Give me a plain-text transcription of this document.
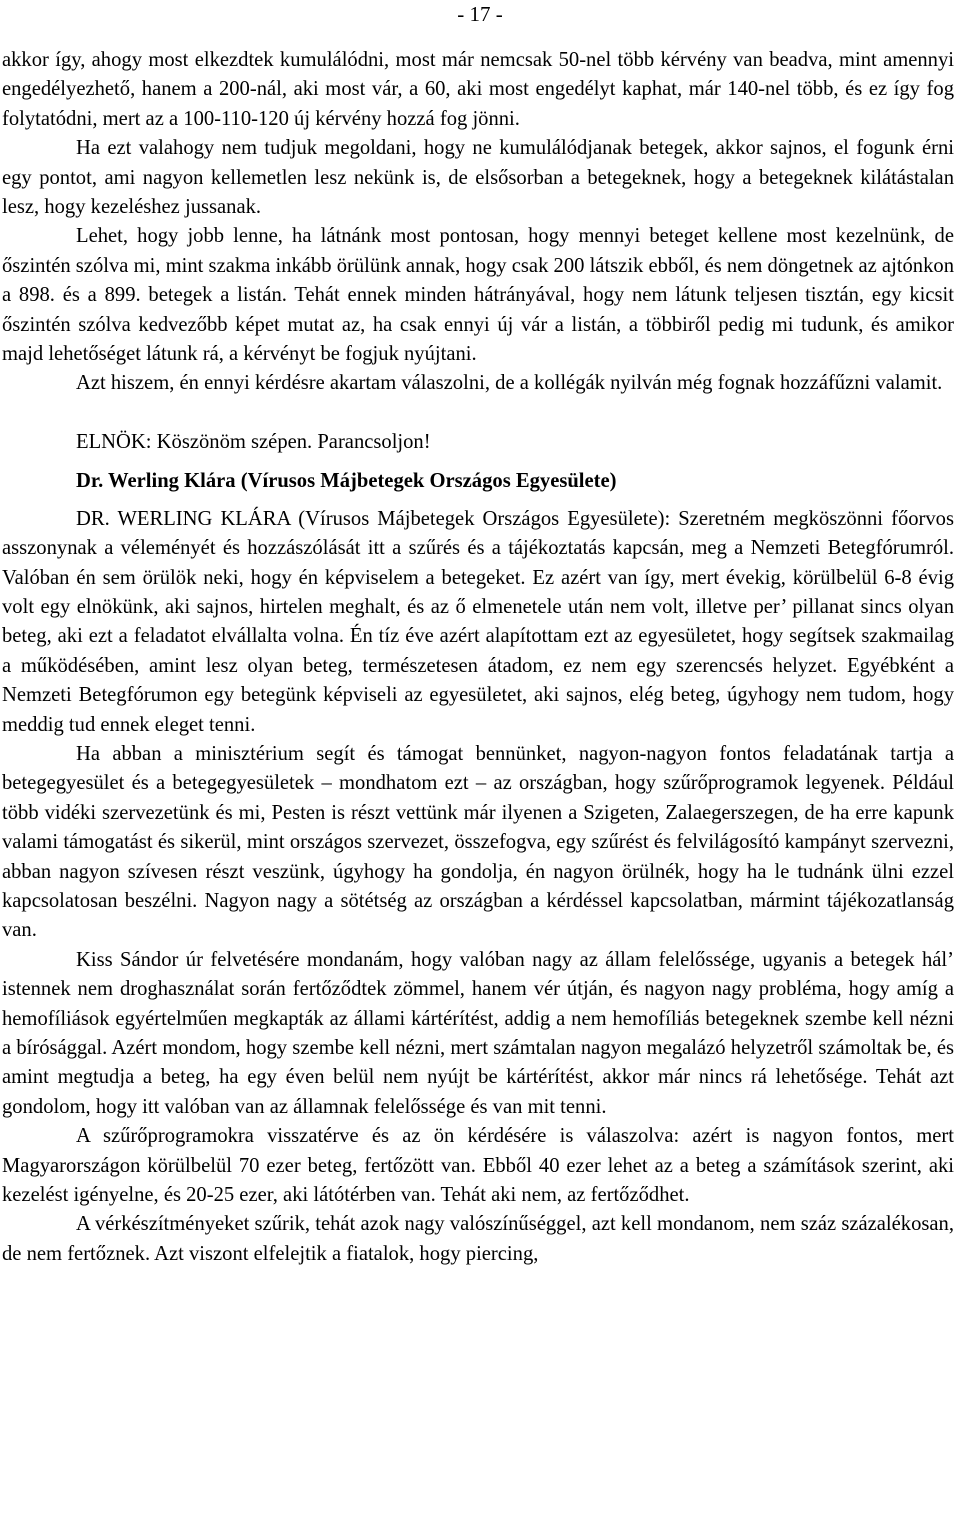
- 17 -

akkor így, ahogy most elkezdtek kumulálódni, most már nemcsak 50-nel több kérvény van beadva, mint amennyi engedélyezhető, hanem a 200-nál, aki most vár, a 60, aki most engedélyt kaphat, már 140-nel több, és ez így fog folytatódni, mert az a 100-110-120 új kérvény hozzá fog jönni.

Ha ezt valahogy nem tudjuk megoldani, hogy ne kumulálódjanak betegek, akkor sajnos, el fogunk érni egy pontot, ami nagyon kellemetlen lesz nekünk is, de elsősorban a betegeknek, hogy a betegeknek kilátástalan lesz, hogy kezeléshez jussanak.

Lehet, hogy jobb lenne, ha látnánk most pontosan, hogy mennyi beteget kellene most kezelnünk, de őszintén szólva mi, mint szakma inkább örülünk annak, hogy csak 200 látszik ebből, és nem döngetnek az ajtónkon a 898. és a 899. betegek a listán. Tehát ennek minden hátrányával, hogy nem látunk teljesen tisztán, egy kicsit őszintén szólva kedvezőbb képet mutat az, ha csak ennyi új vár a listán, a többiről pedig mi tudunk, és amikor majd lehetőséget látunk rá, a kérvényt be fogjuk nyújtani.

Azt hiszem, én ennyi kérdésre akartam válaszolni, de a kollégák nyilván még fognak hozzáfűzni valamit.

ELNÖK: Köszönöm szépen. Parancsoljon!

Dr. Werling Klára (Vírusos Májbetegek Országos Egyesülete)

DR. WERLING KLÁRA (Vírusos Májbetegek Országos Egyesülete): Szeretném megköszönni főorvos asszonynak a véleményét és hozzászólását itt a szűrés és a tájékoztatás kapcsán, meg a Nemzeti Betegfórumról. Valóban én sem örülök neki, hogy én képviselem a betegeket. Ez azért van így, mert évekig, körülbelül 6-8 évig volt egy elnökünk, aki sajnos, hirtelen meghalt, és az ő elmenetele után nem volt, illetve per’ pillanat sincs olyan beteg, aki ezt a feladatot elvállalta volna. Én tíz éve azért alapítottam ezt az egyesületet, hogy segítsek szakmailag a működésében, amint lesz olyan beteg, természetesen átadom, ez nem egy szerencsés helyzet. Egyébként a Nemzeti Betegfórumon egy betegünk képviseli az egyesületet, aki sajnos, elég beteg, úgyhogy nem tudom, hogy meddig tud ennek eleget tenni.

Ha abban a minisztérium segít és támogat bennünket, nagyon-nagyon fontos feladatának tartja a betegegyesület és a betegegyesületek – mondhatom ezt – az országban, hogy szűrőprogramok legyenek. Például több vidéki szervezetünk és mi, Pesten is részt vettünk már ilyenen a Szigeten, Zalaegerszegen, de ha erre kapunk valami támogatást és sikerül, mint országos szervezet, összefogva, egy szűrést és felvilágosító kampányt szervezni, abban nagyon szívesen részt veszünk, úgyhogy ha gondolja, én nagyon örülnék, hogy ha le tudnánk ülni ezzel kapcsolatosan beszélni. Nagyon nagy a sötétség az országban a kérdéssel kapcsolatban, mármint tájékozatlanság van.

Kiss Sándor úr felvetésére mondanám, hogy valóban nagy az állam felelőssége, ugyanis a betegek hál’ istennek nem droghasználat során fertőződtek zömmel, hanem vér útján, és nagyon nagy probléma, hogy amíg a hemofíliások egyértelműen megkapták az állami kártérítést, addig a nem hemofíliás betegeknek szembe kell nézni a bírósággal. Azért mondom, hogy szembe kell nézni, mert számtalan nagyon megalázó helyzetről számoltak be, és amint megtudja a beteg, ha egy éven belül nem nyújt be kártérítést, akkor már nincs rá lehetősége. Tehát azt gondolom, hogy itt valóban van az államnak felelőssége és van mit tenni.

A szűrőprogramokra visszatérve és az ön kérdésére is válaszolva: azért is nagyon fontos, mert Magyarországon körülbelül 70 ezer beteg, fertőzött van. Ebből 40 ezer lehet az a beteg a számítások szerint, aki kezelést igényelne, és 20-25 ezer, aki látótérben van. Tehát aki nem, az fertőződhet.

A vérkészítményeket szűrik, tehát azok nagy valószínűséggel, azt kell mondanom, nem száz százalékosan, de nem fertőznek. Azt viszont elfelejtik a fiatalok, hogy piercing,
